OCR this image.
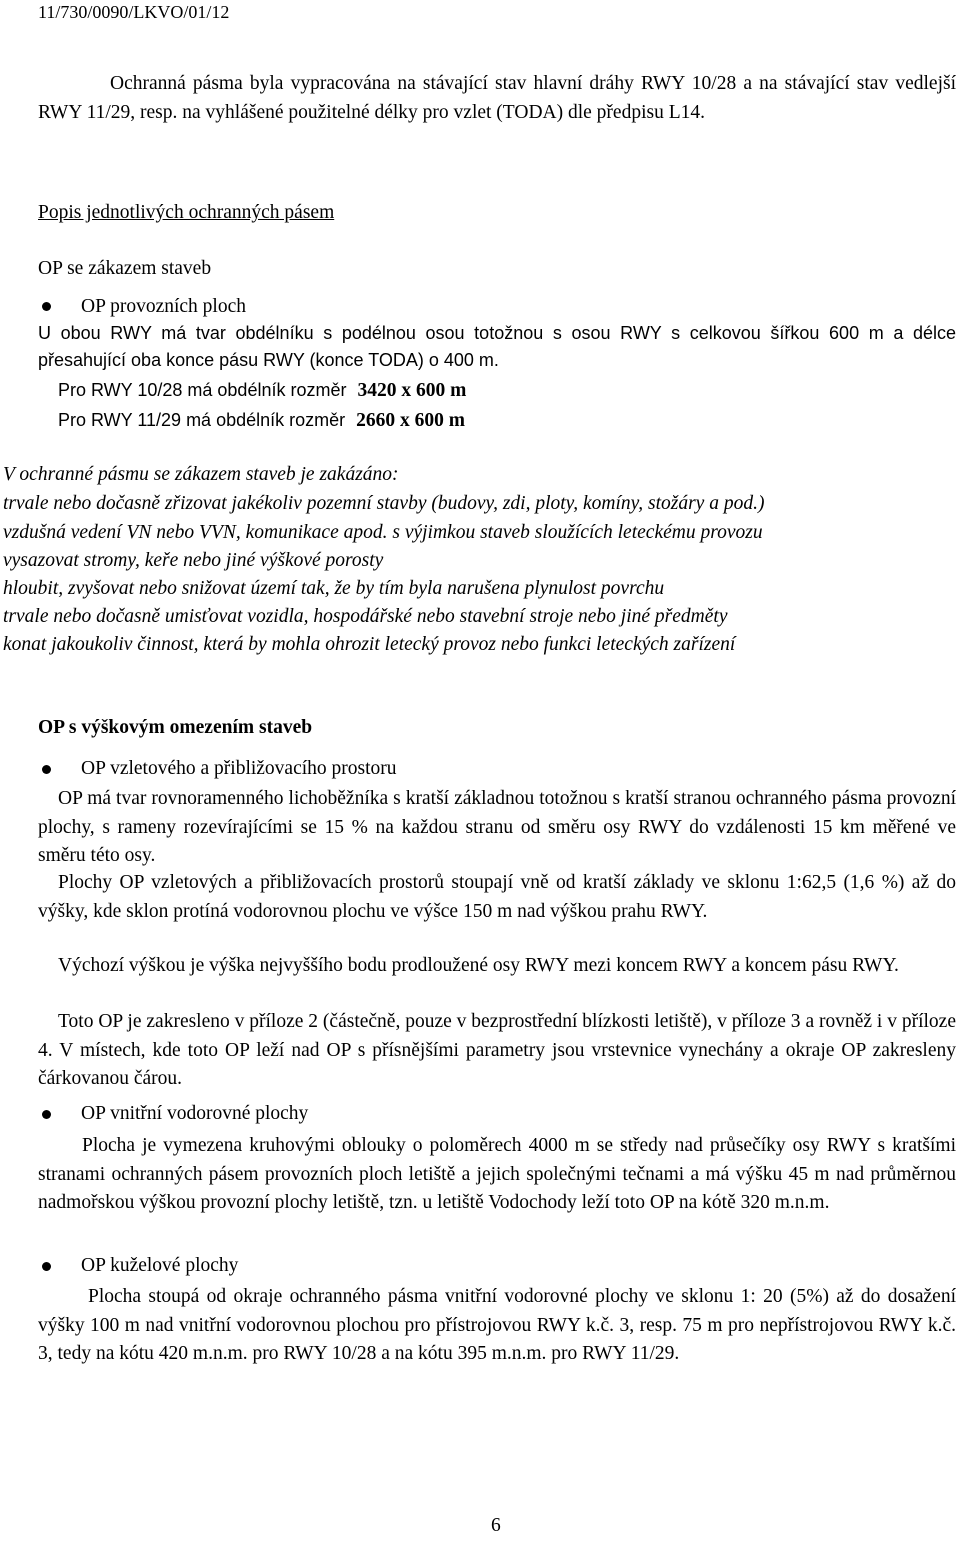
11/730/0090/LKVO/01/12
Ochranná pásma byla vypracována na stávající stav hlavní dráhy RWY 10/28 a na stávající stav vedlejší RWY 11/29, resp. na vyhlášené použitelné délky pro vzlet (TODA) dle předpisu L14.
Popis jednotlivých ochranných pásem
OP se zákazem staveb
OP provozních ploch
U obou RWY má tvar obdélníku s podélnou osou totožnou s osou RWY s celkovou šířkou 600 m a délce přesahující oba konce pásu RWY (konce TODA) o 400 m.
Pro RWY 10/28 má obdélník rozměr 3420 x 600 m
Pro RWY 11/29 má obdélník rozměr 2660 x 600 m
V ochranné pásmu se zákazem staveb je zakázáno:
trvale nebo dočasně zřizovat jakékoliv pozemní stavby (budovy, zdi, ploty, komíny, stožáry a pod.)
vzdušná vedení VN nebo VVN, komunikace apod. s výjimkou staveb sloužících leteckému provozu
vysazovat stromy, keře nebo jiné výškové porosty
hloubit, zvyšovat nebo snižovat území tak, že by tím byla narušena plynulost povrchu
trvale nebo dočasně umisťovat vozidla, hospodářské nebo stavební stroje nebo jiné předměty
konat jakoukoliv činnost, která by mohla ohrozit letecký provoz nebo funkci leteckých zařízení
OP s výškovým omezením staveb
OP vzletového a přibližovacího prostoru
OP má tvar rovnoramenného lichoběžníka s kratší základnou totožnou s kratší stranou ochranného pásma provozní plochy, s rameny rozevírajícími se 15 % na každou stranu od směru osy RWY do vzdálenosti 15 km měřené ve směru této osy.
Plochy OP vzletových a přibližovacích prostorů stoupají vně od kratší základy ve sklonu 1:62,5 (1,6 %) až do výšky, kde sklon protíná vodorovnou plochu ve výšce 150 m nad výškou prahu RWY.
Výchozí výškou je výška nejvyššího bodu prodloužené osy RWY mezi koncem RWY a koncem pásu RWY.
Toto OP je zakresleno v příloze 2 (částečně, pouze v bezprostřední blízkosti letiště), v příloze 3 a rovněž i v příloze 4. V místech, kde toto OP leží nad OP s přísnějšími parametry jsou vrstevnice vynechány a okraje OP zakresleny čárkovanou čárou.
OP vnitřní vodorovné plochy
Plocha je vymezena kruhovými oblouky o poloměrech 4000 m se středy nad průsečíky osy RWY s kratšími stranami ochranných pásem provozních ploch letiště a jejich společnými tečnami a má výšku 45 m nad průměrnou nadmořskou výškou provozní plochy letiště, tzn. u letiště Vodochody leží toto OP na kótě 320 m.n.m.
OP kuželové plochy
Plocha stoupá od okraje ochranného pásma vnitřní vodorovné plochy ve sklonu 1: 20 (5%) až do dosažení výšky 100 m nad vnitřní vodorovnou plochou pro přístrojovou RWY k.č. 3, resp. 75 m pro nepřístrojovou RWY k.č. 3, tedy na kótu 420 m.n.m. pro RWY 10/28 a na kótu 395 m.n.m. pro RWY 11/29.
6
